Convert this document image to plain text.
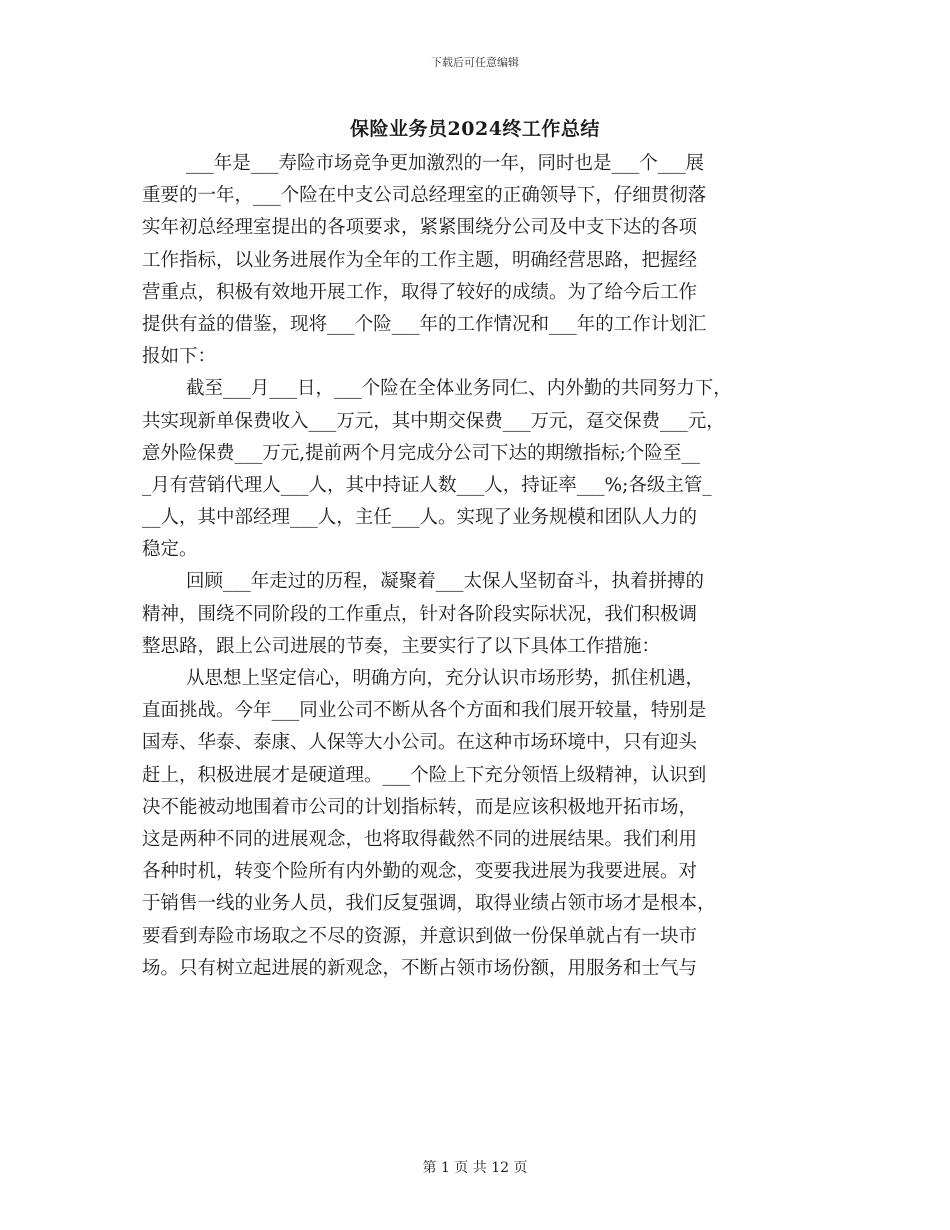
下载后可任意编辑
保险业务员2024终工作总结
___年是___寿险市场竞争更加激烈的一年，同时也是___个___展
重要的一年，___个险在中支公司总经理室的正确领导下，仔细贯彻落
实年初总经理室提出的各项要求，紧紧围绕分公司及中支下达的各项
工作指标，以业务进展作为全年的工作主题，明确经营思路，把握经
营重点，积极有效地开展工作，取得了较好的成绩。为了给今后工作
提供有益的借鉴，现将___个险___年的工作情况和___年的工作计划汇
报如下：
截至___月___日，___个险在全体业务同仁、内外勤的共同努力下，
共实现新单保费收入___万元，其中期交保费___万元，趸交保费___元，
意外险保费___万元,提前两个月完成分公司下达的期缴指标;个险至__
_月有营销代理人___人，其中持证人数___人，持证率___%;各级主管_
__人，其中部经理___人，主任___人。实现了业务规模和团队人力的
稳定。
回顾___年走过的历程，凝聚着___太保人坚韧奋斗，执着拼搏的
精神，围绕不同阶段的工作重点，针对各阶段实际状况，我们积极调
整思路，跟上公司进展的节奏，主要实行了以下具体工作措施：
从思想上坚定信心，明确方向，充分认识市场形势，抓住机遇，
直面挑战。今年___同业公司不断从各个方面和我们展开较量，特别是
国寿、华泰、泰康、人保等大小公司。在这种市场环境中，只有迎头
赶上，积极进展才是硬道理。___个险上下充分领悟上级精神，认识到
决不能被动地围着市公司的计划指标转，而是应该积极地开拓市场，
这是两种不同的进展观念，也将取得截然不同的进展结果。我们利用
各种时机，转变个险所有内外勤的观念，变要我进展为我要进展。对
于销售一线的业务人员，我们反复强调，取得业绩占领市场才是根本，
要看到寿险市场取之不尽的资源，并意识到做一份保单就占有一块市
场。只有树立起进展的新观念，不断占领市场份额，用服务和士气与
第 1 页 共 12 页
